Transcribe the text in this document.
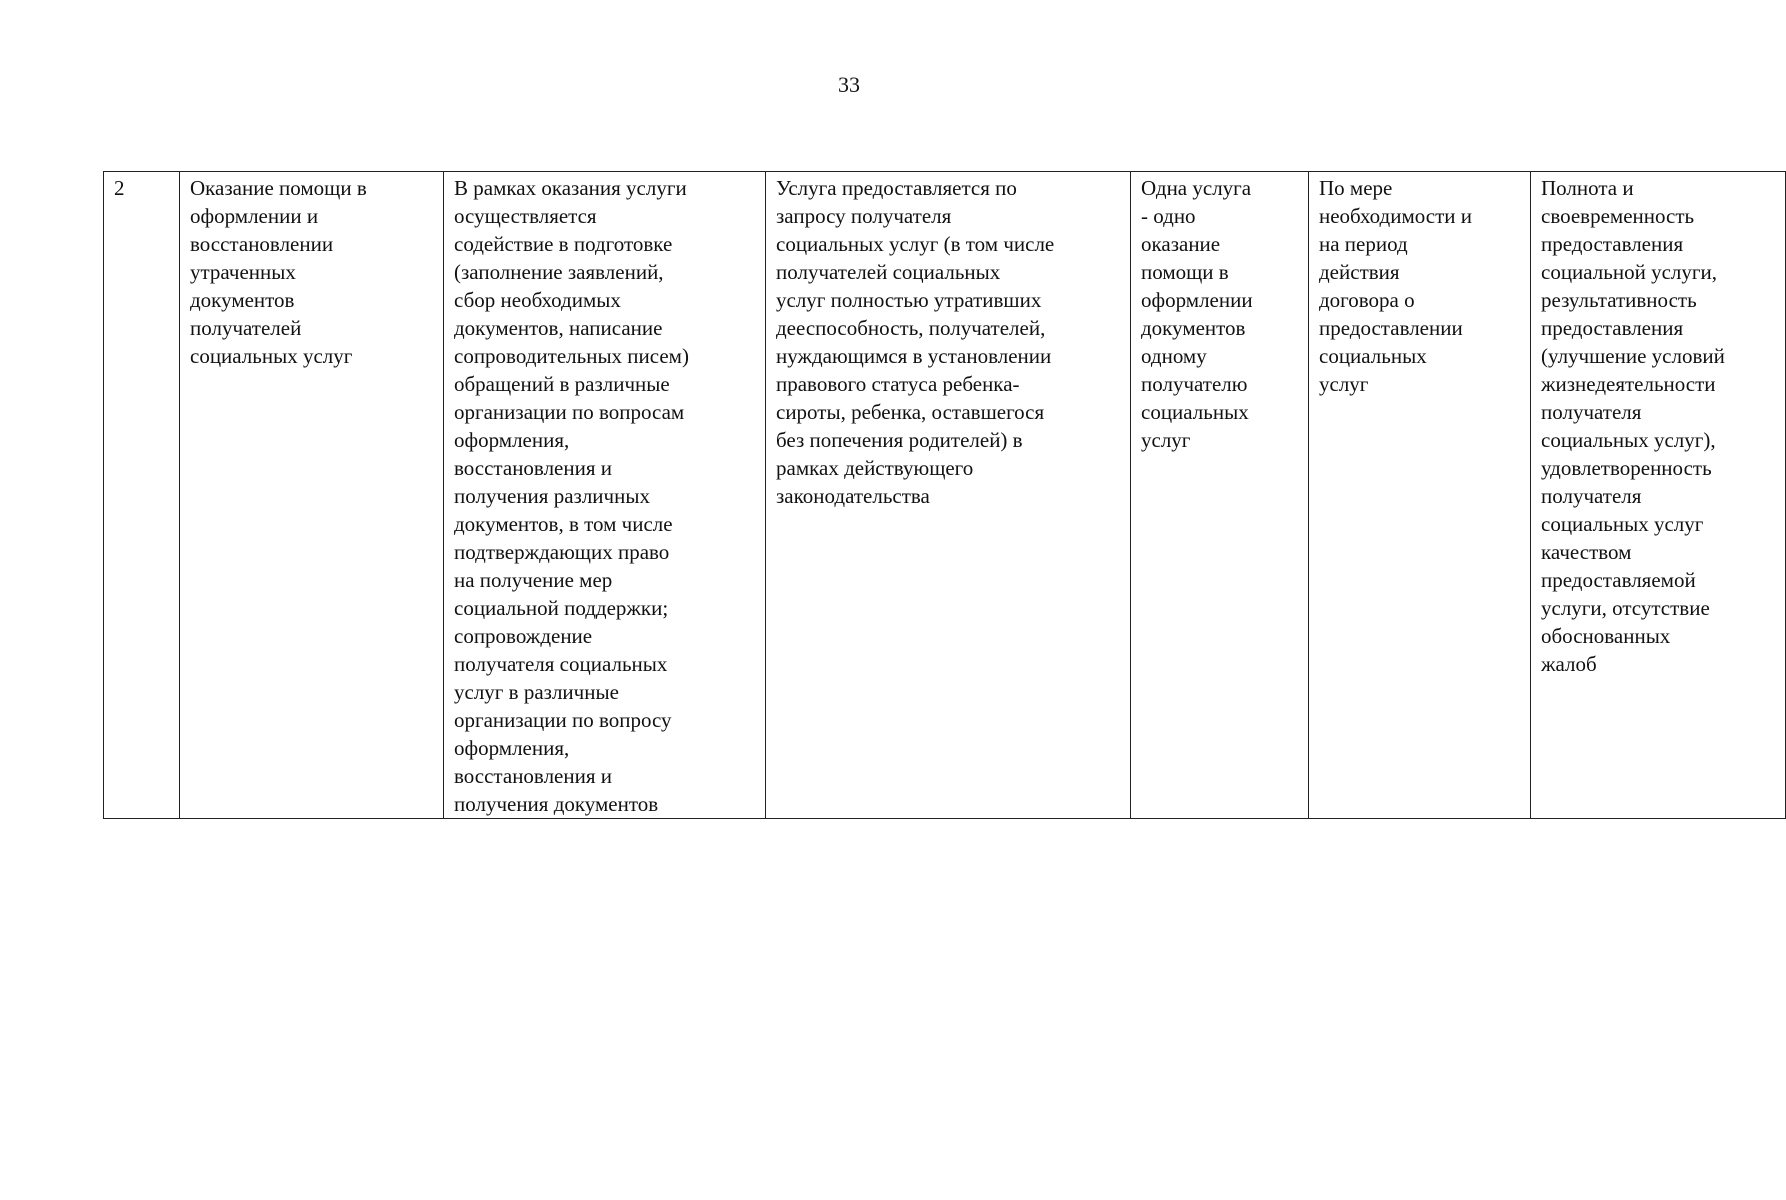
33
2	Оказание помощи в
оформлении и
восстановлении
утраченных
документов
получателей
социальных услуг	В рамках оказания услуги
осуществляется
содействие в подготовке
(заполнение заявлений,
сбор необходимых
документов, написание
сопроводительных писем)
обращений в различные
организации по вопросам
оформления,
восстановления и
получения различных
документов, в том числе
подтверждающих право
на получение мер
социальной поддержки;
сопровождение
получателя социальных
услуг в различные
организации по вопросу
оформления,
восстановления и
получения документов	Услуга предоставляется по
запросу получателя
социальных услуг (в том числе
получателей социальных
услуг полностью утративших
дееспособность, получателей,
нуждающимся в установлении
правового статуса ребенка-
сироты, ребенка, оставшегося
без попечения родителей) в
рамках действующего
законодательства	Одна услуга
- одно
оказание
помощи в
оформлении
документов
одному
получателю
социальных
услуг	По мере
необходимости и
на период
действия
договора о
предоставлении
социальных
услуг	Полнота и
своевременность
предоставления
социальной услуги,
результативность
предоставления
(улучшение условий
жизнедеятельности
получателя
социальных услуг),
удовлетворенность
получателя
социальных услуг
качеством
предоставляемой
услуги, отсутствие
обоснованных
жалоб
